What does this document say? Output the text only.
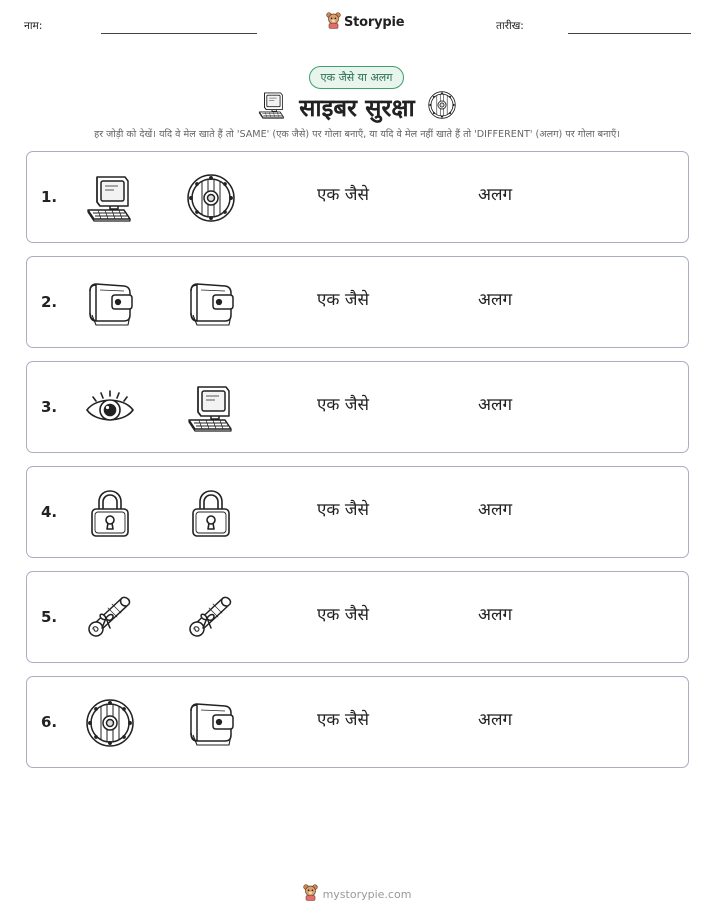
नाम:	Storypie	तारीख:
एक जैसे या अलग
साइबर सुरक्षा
हर जोड़ी को देखें। यदि वे मेल खाते हैं तो 'SAME' (एक जैसे) पर गोला बनाएँ, या यदि वे मेल नहीं खाते हैं तो 'DIFFERENT' (अलग) पर गोला बनाएँ।
1.	एक जैसे	अलग
2.	एक जैसे	अलग
3.	एक जैसे	अलग
4.	एक जैसे	अलग
5.	एक जैसे	अलग
6.	एक जैसे	अलग
mystorypie.com
